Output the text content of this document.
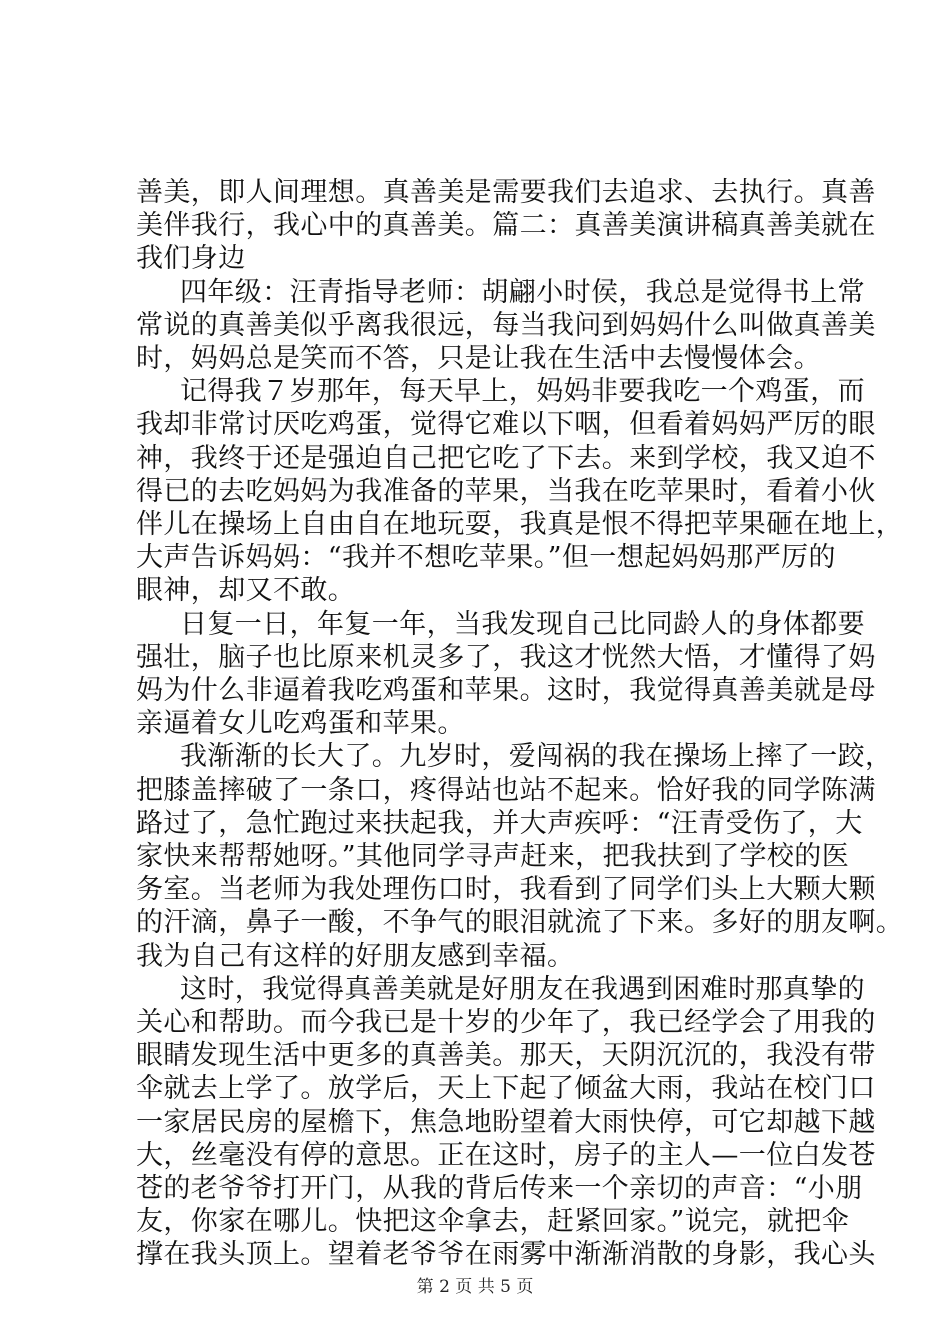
善美，即人间理想。真善美是需要我们去追求、去执行。真善
美伴我行，我心中的真善美。篇二：真善美演讲稿真善美就在
我们身边
四年级：汪青指导老师：胡翩小时侯，我总是觉得书上常
常说的真善美似乎离我很远，每当我问到妈妈什么叫做真善美
时，妈妈总是笑而不答，只是让我在生活中去慢慢体会。
记得我７岁那年，每天早上，妈妈非要我吃一个鸡蛋，而
我却非常讨厌吃鸡蛋，觉得它难以下咽，但看着妈妈严厉的眼
神，我终于还是强迫自己把它吃了下去。来到学校，我又迫不
得已的去吃妈妈为我准备的苹果，当我在吃苹果时，看着小伙
伴儿在操场上自由自在地玩耍，我真是恨不得把苹果砸在地上，
大声告诉妈妈：“我并不想吃苹果。”但一想起妈妈那严厉的
眼神，却又不敢。
日复一日，年复一年，当我发现自己比同龄人的身体都要
强壮，脑子也比原来机灵多了，我这才恍然大悟，才懂得了妈
妈为什么非逼着我吃鸡蛋和苹果。这时，我觉得真善美就是母
亲逼着女儿吃鸡蛋和苹果。
我渐渐的长大了。九岁时，爱闯祸的我在操场上摔了一跤，
把膝盖摔破了一条口，疼得站也站不起来。恰好我的同学陈满
路过了，急忙跑过来扶起我，并大声疾呼：“汪青受伤了，大
家快来帮帮她呀。”其他同学寻声赶来，把我扶到了学校的医
务室。当老师为我处理伤口时，我看到了同学们头上大颗大颗
的汗滴，鼻子一酸，不争气的眼泪就流了下来。多好的朋友啊。
我为自己有这样的好朋友感到幸福。
这时，我觉得真善美就是好朋友在我遇到困难时那真挚的
关心和帮助。而今我已是十岁的少年了，我已经学会了用我的
眼睛发现生活中更多的真善美。那天，天阴沉沉的，我没有带
伞就去上学了。放学后，天上下起了倾盆大雨，我站在校门口
一家居民房的屋檐下，焦急地盼望着大雨快停，可它却越下越
大，丝毫没有停的意思。正在这时，房子的主人—一位白发苍
苍的老爷爷打开门，从我的背后传来一个亲切的声音：“小朋
友，你家在哪儿。快把这伞拿去，赶紧回家。”说完，就把伞
撑在我头顶上。望着老爷爷在雨雾中渐渐消散的身影，我心头
第 2 页 共 5 页
